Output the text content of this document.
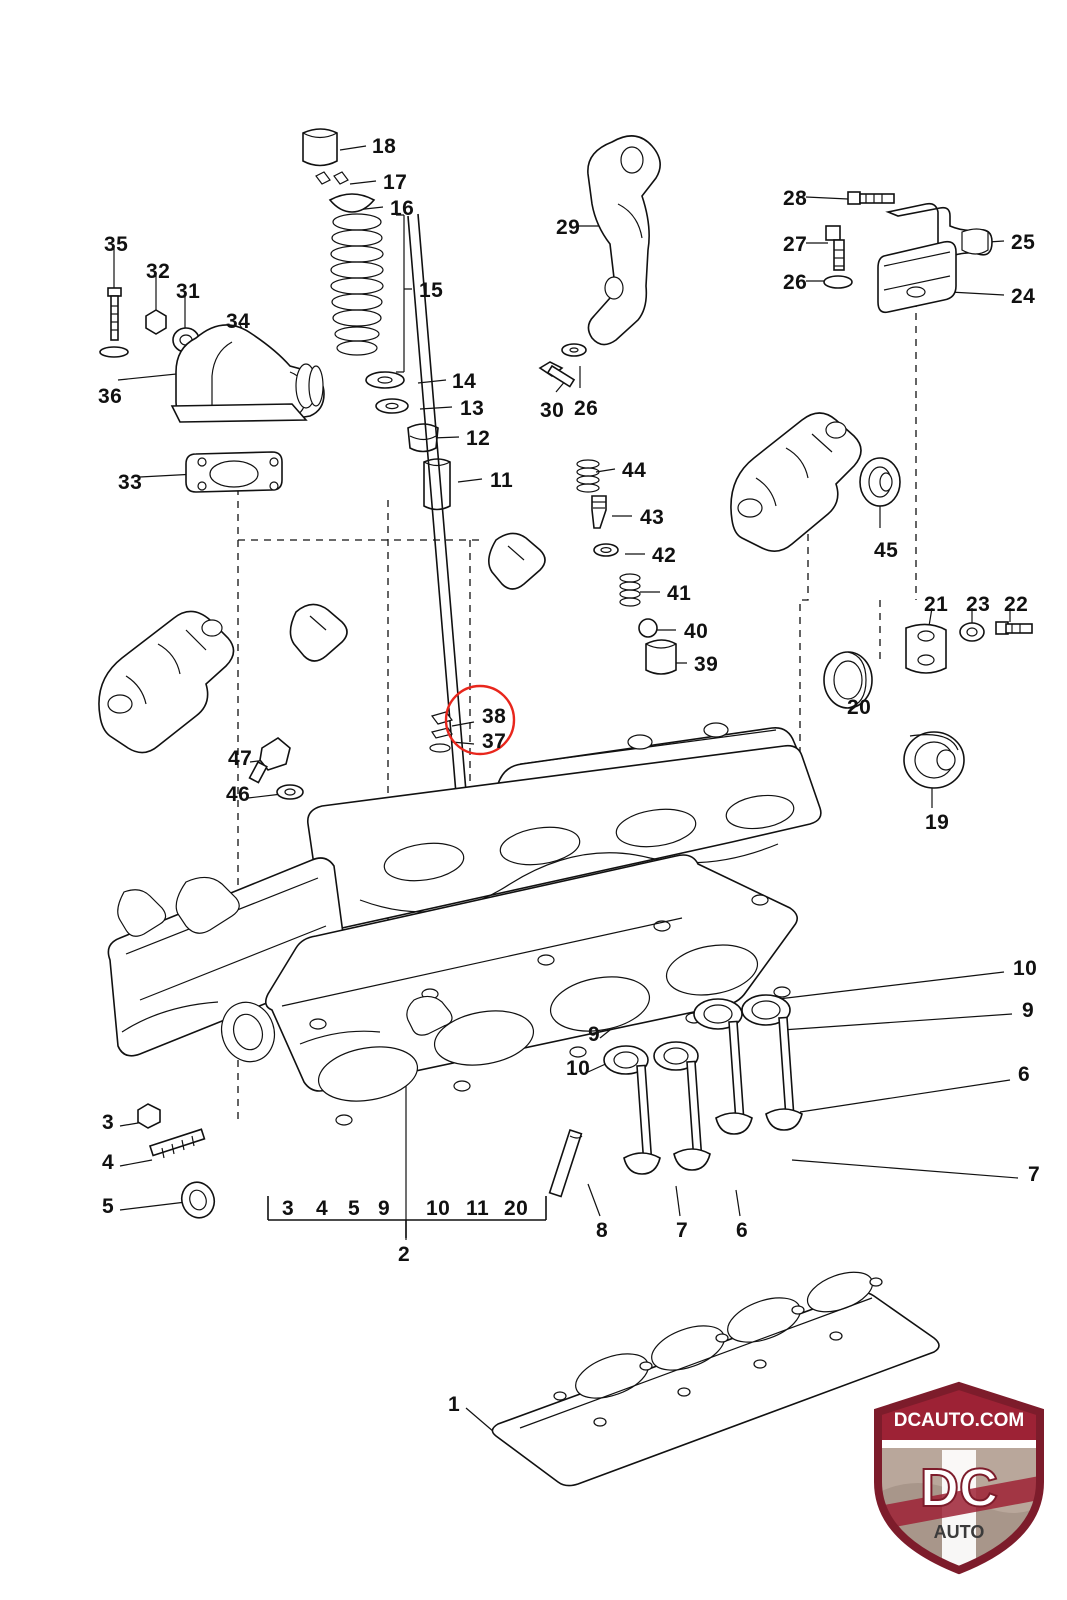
18
17
16
35
15
32
31
34
29
28
27
26
25
24
36
14
13
12
33	11
30 26
44
43
42
41
40
39
45
21 23 22
38
37
20
47
46
19
10
9
9
10	6
7
3
4
5
8	7 6
1
3 4 5 9 10 11 20
2
DCAUTO.COM
DC
AUTO
